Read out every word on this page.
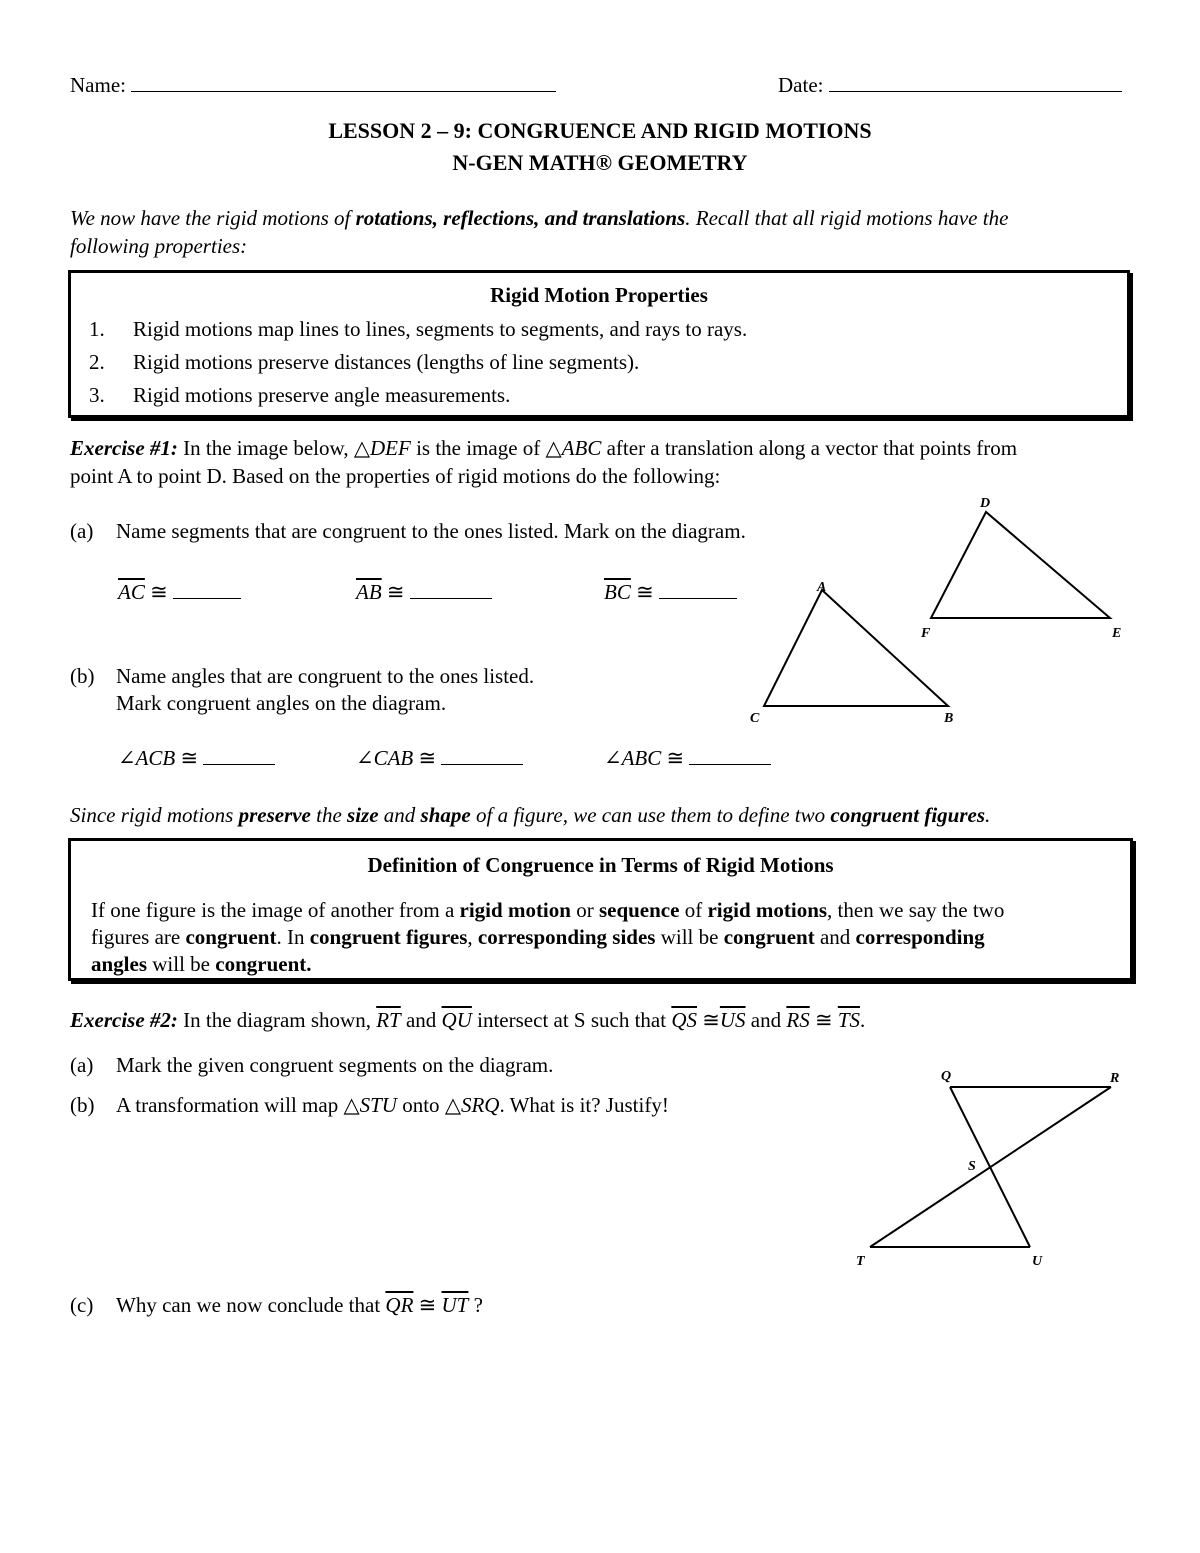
Name:	Date:
LESSON 2 – 9: CONGRUENCE AND RIGID MOTIONS
N-GEN MATH® GEOMETRY
We now have the rigid motions of rotations, reflections, and translations. Recall that all rigid motions have the
following properties:
Rigid Motion Properties
1. Rigid motions map lines to lines, segments to segments, and rays to rays.
2. Rigid motions preserve distances (lengths of line segments).
3. Rigid motions preserve angle measurements.
Exercise #1: In the image below, △DEF is the image of △ABC after a translation along a vector that points from
point A to point D. Based on the properties of rigid motions do the following:
(a) Name segments that are congruent to the ones listed. Mark on the diagram.
$\overline{AC}$ ≅	$\overline{AB}$ ≅	$\overline{BC}$ ≅
(b) Name angles that are congruent to the ones listed.
Mark congruent angles on the diagram.
∠ACB ≅	∠CAB ≅	∠ABC ≅
A
B
C
D
E
F
Since rigid motions preserve the size and shape of a figure, we can use them to define two congruent figures.
Definition of Congruence in Terms of Rigid Motions
If one figure is the image of another from a rigid motion or sequence of rigid motions, then we say the two
figures are congruent. In congruent figures, corresponding sides will be congruent and corresponding
angles will be congruent.
Exercise #2: In the diagram shown, $\overline{RT}$ and $\overline{QU}$ intersect at S such that $\overline{QS}$ $≅\overline{US}$ and $\overline{RS}$ ≅ $\overline{TS}$.
(a) Mark the given congruent segments on the diagram.
(b) A transformation will map △STU onto △SRQ. What is it? Justify!
(c) Why can we now conclude that $\overline{QR}$ ≅ $\overline{UT}$ ?
Q	R
S
T	U
